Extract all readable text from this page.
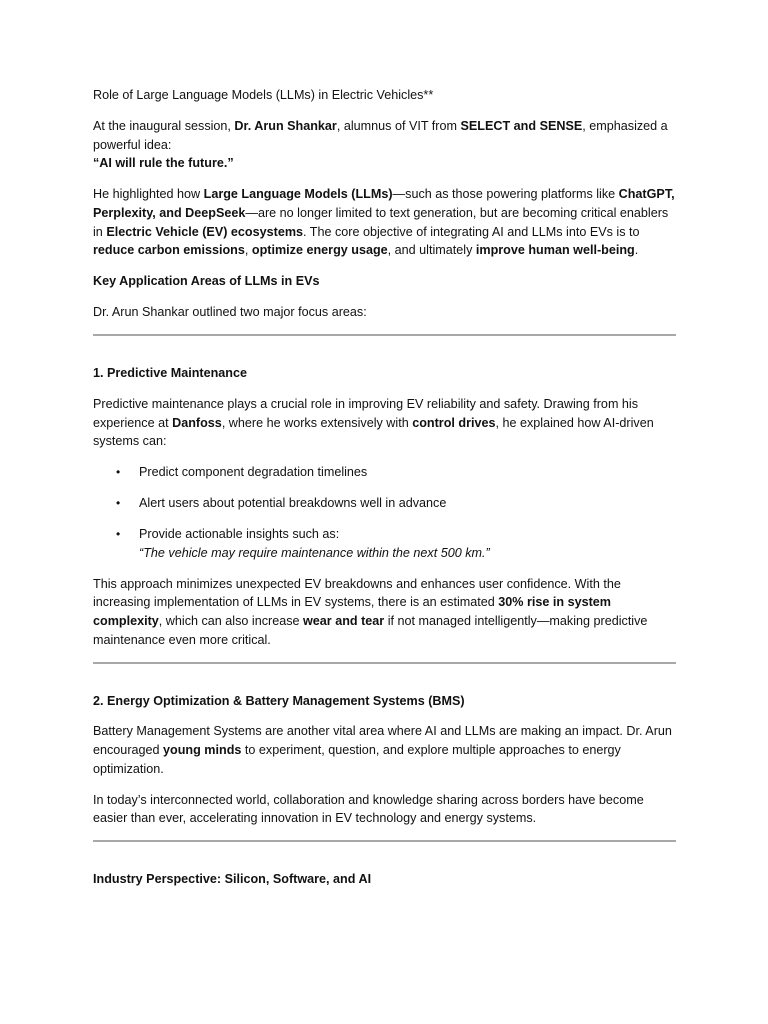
Role of Large Language Models (LLMs) in Electric Vehicles**

At the inaugural session, Dr. Arun Shankar, alumnus of VIT from SELECT and SENSE, emphasized a powerful idea:
“AI will rule the future.”

He highlighted how Large Language Models (LLMs)—such as those powering platforms like ChatGPT, Perplexity, and DeepSeek—are no longer limited to text generation, but are becoming critical enablers in Electric Vehicle (EV) ecosystems. The core objective of integrating AI and LLMs into EVs is to reduce carbon emissions, optimize energy usage, and ultimately improve human well-being.

Key Application Areas of LLMs in EVs

Dr. Arun Shankar outlined two major focus areas:

1. Predictive Maintenance

Predictive maintenance plays a crucial role in improving EV reliability and safety. Drawing from his experience at Danfoss, where he works extensively with control drives, he explained how AI-driven systems can:

• Predict component degradation timelines
• Alert users about potential breakdowns well in advance
• Provide actionable insights such as:
“The vehicle may require maintenance within the next 500 km.”

This approach minimizes unexpected EV breakdowns and enhances user confidence. With the increasing implementation of LLMs in EV systems, there is an estimated 30% rise in system complexity, which can also increase wear and tear if not managed intelligently—making predictive maintenance even more critical.

2. Energy Optimization & Battery Management Systems (BMS)

Battery Management Systems are another vital area where AI and LLMs are making an impact. Dr. Arun encouraged young minds to experiment, question, and explore multiple approaches to energy optimization.

In today’s interconnected world, collaboration and knowledge sharing across borders have become easier than ever, accelerating innovation in EV technology and energy systems.

Industry Perspective: Silicon, Software, and AI
